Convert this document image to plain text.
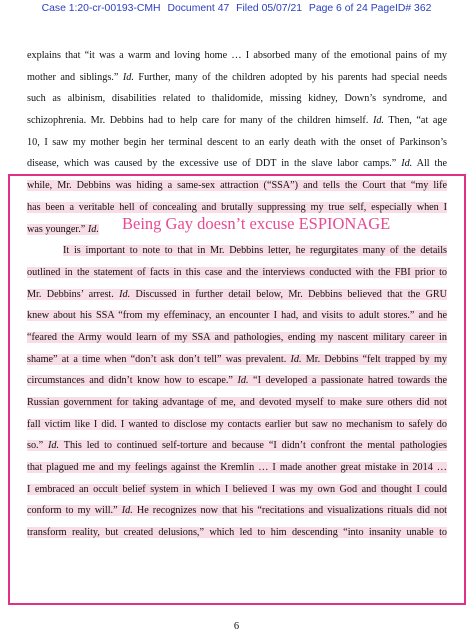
Case 1:20-cr-00193-CMH Document 47 Filed 05/07/21 Page 6 of 24 PageID# 362
explains that “it was a warm and loving home … I absorbed many of the emotional pains of my
mother and siblings.” Id. Further, many of the children adopted by his parents had special needs
such as albinism, disabilities related to thalidomide, missing kidney, Down’s syndrome, and
schizophrenia. Mr. Debbins had to help care for many of the children himself. Id. Then, “at age
10, I saw my mother begin her terminal descent to an early death with the onset of Parkinson’s
disease, which was caused by the excessive use of DDT in the slave labor camps.” Id. All the
while, Mr. Debbins was hiding a same-sex attraction (“SSA”) and tells the Court that “my life
has been a veritable hell of concealing and brutally suppressing my true self, especially when I
was younger.” Id.
It is important to note to that in Mr. Debbins letter, he regurgitates many of the details
outlined in the statement of facts in this case and the interviews conducted with the FBI prior to
Mr. Debbins’ arrest. Id. Discussed in further detail below, Mr. Debbins believed that the GRU
knew about his SSA “from my effeminacy, an encounter I had, and visits to adult stores.” and he
“feared the Army would learn of my SSA and pathologies, ending my nascent military career in
shame” at a time when “don’t ask don’t tell” was prevalent. Id. Mr. Debbins “felt trapped by my
circumstances and didn’t know how to escape.” Id. “I developed a passionate hatred towards the
Russian government for taking advantage of me, and devoted myself to make sure others did not
fall victim like I did. I wanted to disclose my contacts earlier but saw no mechanism to safely do
so.” Id. This led to continued self-torture and because “I didn’t confront the mental pathologies
that plagued me and my feelings against the Kremlin … I made another great mistake in 2014 …
I embraced an occult belief system in which I believed I was my own God and thought I could
conform to my will.” Id. He recognizes now that his “recitations and visualizations rituals did not
transform reality, but created delusions,” which led to him descending “into insanity unable to
Being Gay doesn’t excuse ESPIONAGE
6
